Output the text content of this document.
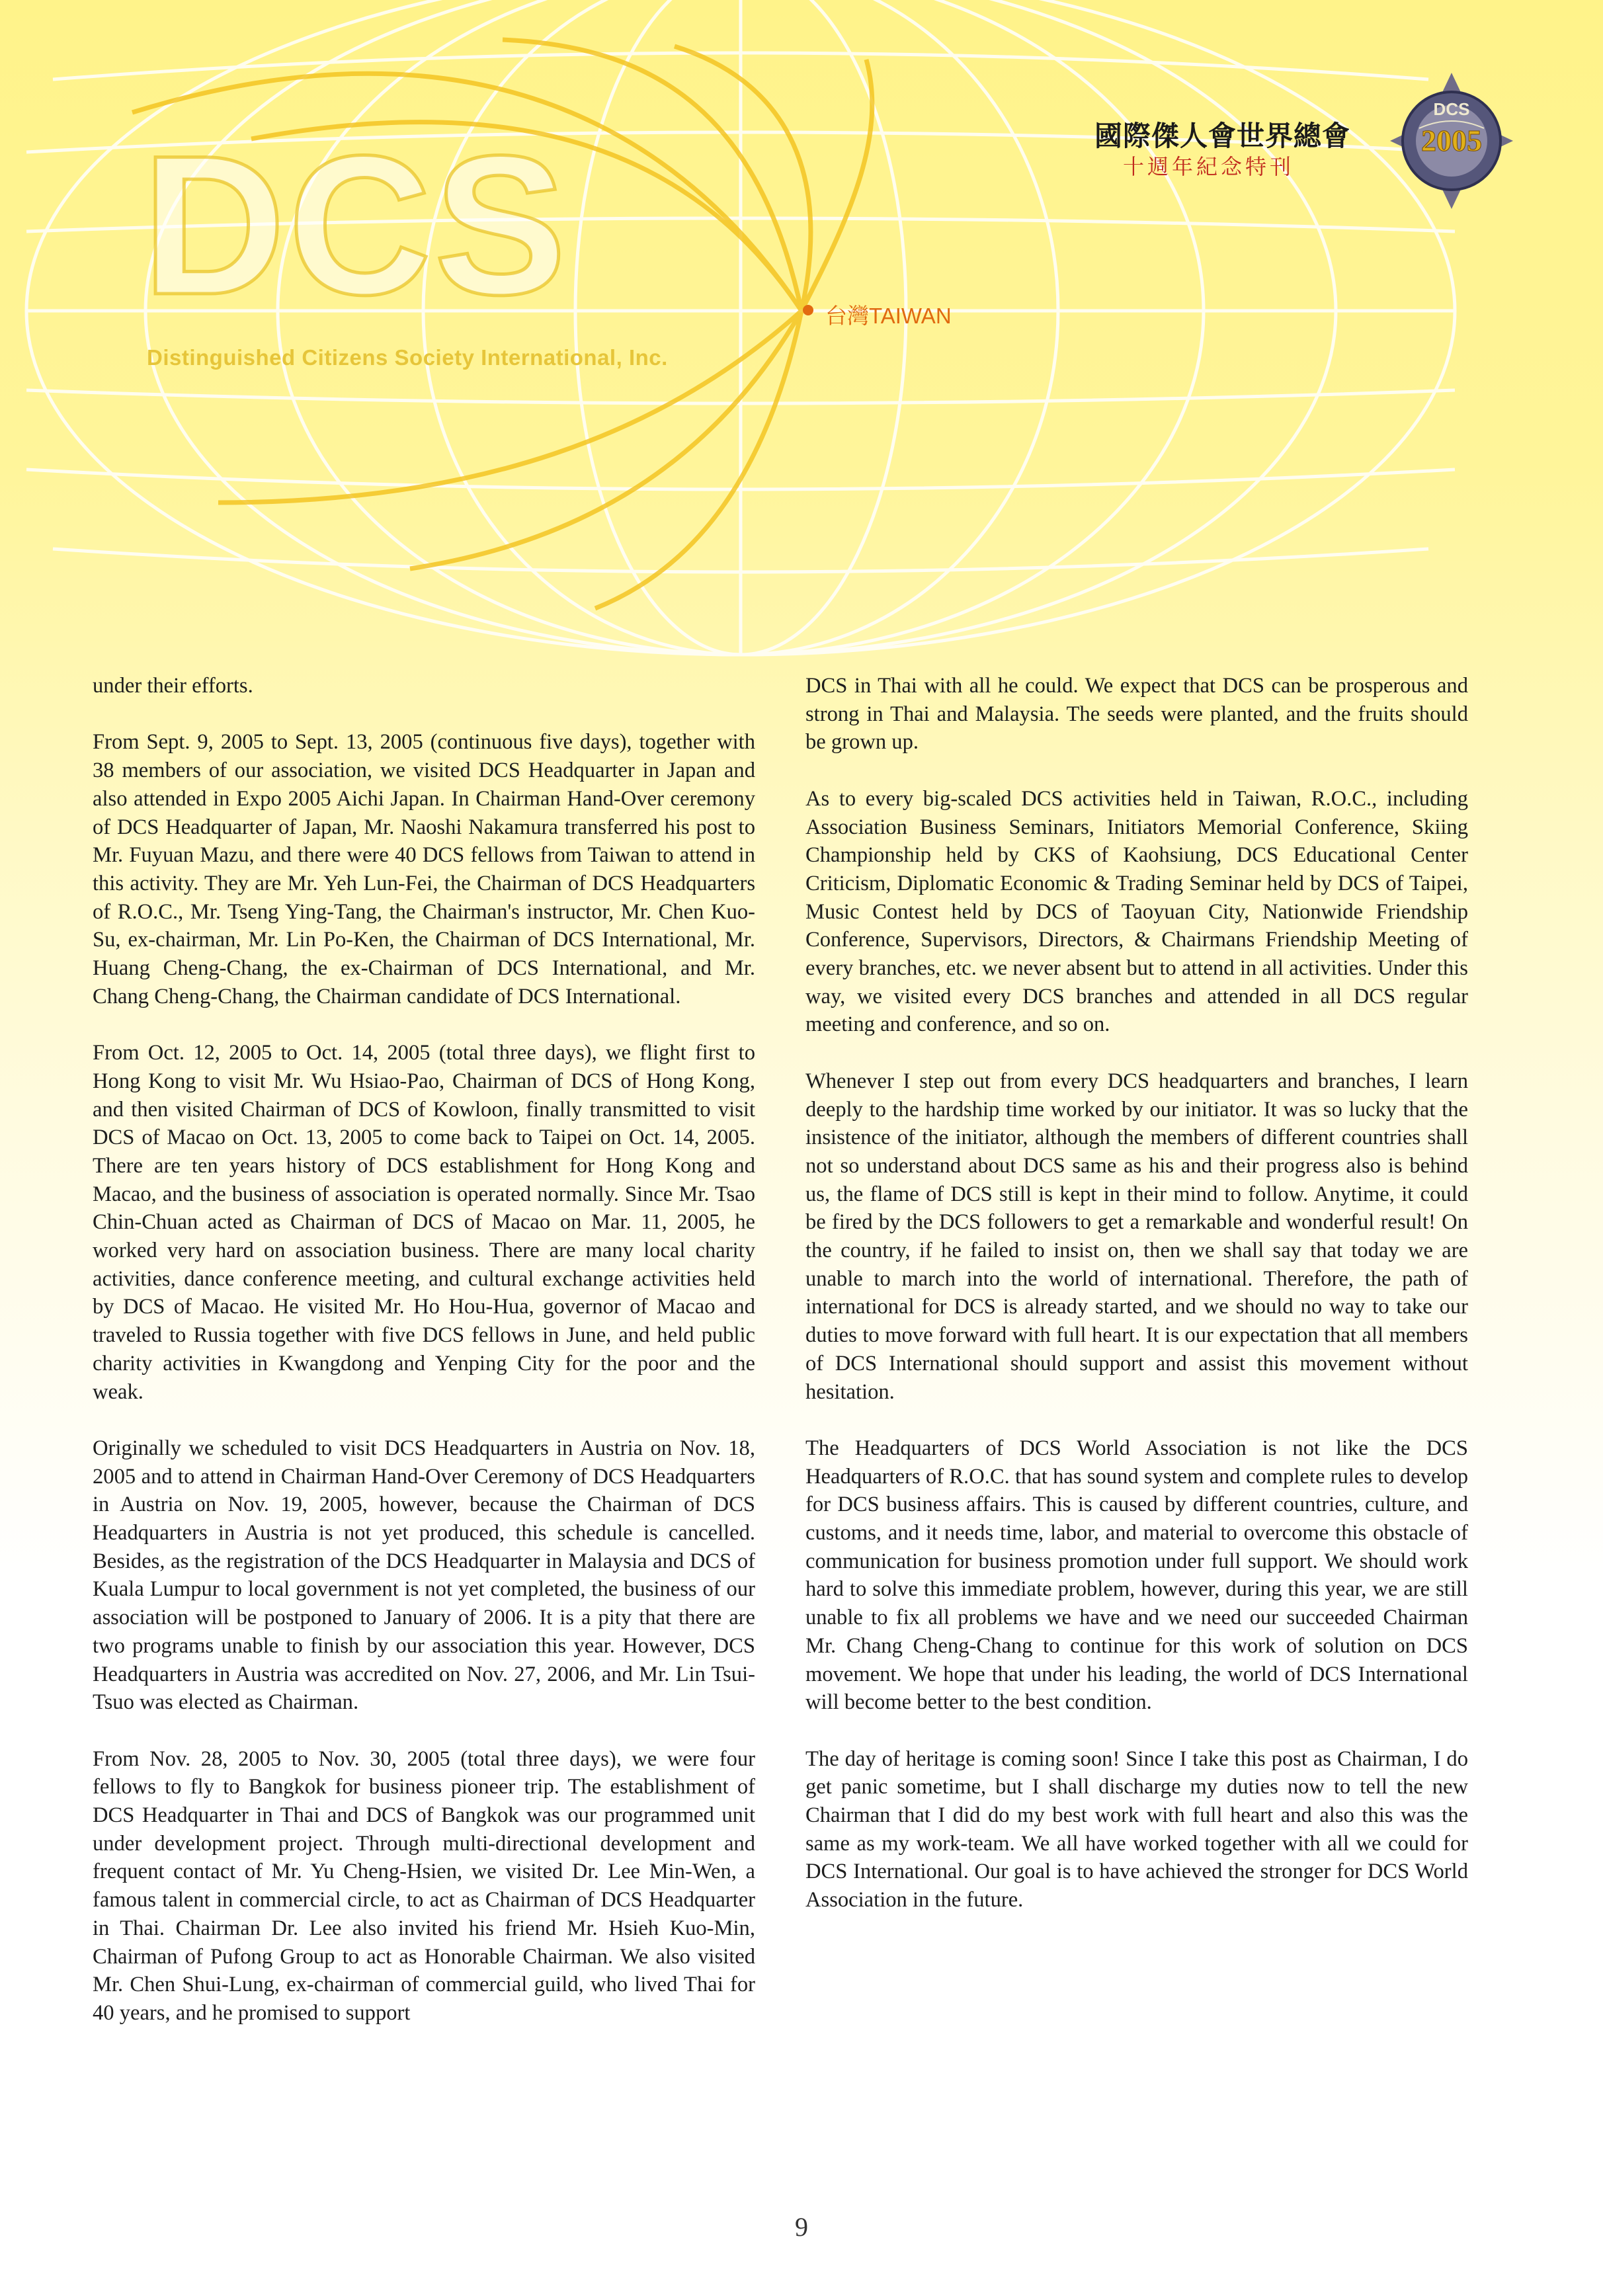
DCS
Distinguished Citizens Society International, Inc.
台灣TAIWAN
國際傑人會世界總會
十週年紀念特刊
DCS
2005

under their efforts.

From Sept. 9, 2005 to Sept. 13, 2005 (continuous five days), together with 38 members of our association, we visited DCS Headquarter in Japan and also attended in Expo 2005 Aichi Japan. In Chairman Hand-Over ceremony of DCS Headquarter of Japan, Mr. Naoshi Nakamura transferred his post to Mr. Fuyuan Mazu, and there were 40 DCS fellows from Taiwan to attend in this activity. They are Mr. Yeh Lun-Fei, the Chairman of DCS Headquarters of R.O.C., Mr. Tseng Ying-Tang, the Chairman's instructor, Mr. Chen Kuo-Su, ex-chairman, Mr. Lin Po-Ken, the Chairman of DCS International, Mr. Huang Cheng-Chang, the ex-Chairman of DCS International, and Mr. Chang Cheng-Chang, the Chairman candidate of DCS International.

From Oct. 12, 2005 to Oct. 14, 2005 (total three days), we flight first to Hong Kong to visit Mr. Wu Hsiao-Pao, Chairman of DCS of Hong Kong, and then visited Chairman of DCS of Kowloon, finally transmitted to visit DCS of Macao on Oct. 13, 2005 to come back to Taipei on Oct. 14, 2005. There are ten years history of DCS establishment for Hong Kong and Macao, and the business of association is operated normally. Since Mr. Tsao Chin-Chuan acted as Chairman of DCS of Macao on Mar. 11, 2005, he worked very hard on association business. There are many local charity activities, dance conference meeting, and cultural exchange activities held by DCS of Macao. He visited Mr. Ho Hou-Hua, governor of Macao and traveled to Russia together with five DCS fellows in June, and held public charity activities in Kwangdong and Yenping City for the poor and the weak.

Originally we scheduled to visit DCS Headquarters in Austria on Nov. 18, 2005 and to attend in Chairman Hand-Over Ceremony of DCS Headquarters in Austria on Nov. 19, 2005, however, because the Chairman of DCS Headquarters in Austria is not yet produced, this schedule is cancelled. Besides, as the registration of the DCS Headquarter in Malaysia and DCS of Kuala Lumpur to local government is not yet completed, the business of our association will be postponed to January of 2006. It is a pity that there are two programs unable to finish by our association this year. However, DCS Headquarters in Austria was accredited on Nov. 27, 2006, and Mr. Lin Tsui-Tsuo was elected as Chairman.

From Nov. 28, 2005 to Nov. 30, 2005 (total three days), we were four fellows to fly to Bangkok for business pioneer trip. The establishment of DCS Headquarter in Thai and DCS of Bangkok was our programmed unit under development project. Through multi-directional development and frequent contact of Mr. Yu Cheng-Hsien, we visited Dr. Lee Min-Wen, a famous talent in commercial circle, to act as Chairman of DCS Headquarter in Thai. Chairman Dr. Lee also invited his friend Mr. Hsieh Kuo-Min, Chairman of Pufong Group to act as Honorable Chairman. We also visited Mr. Chen Shui-Lung, ex-chairman of commercial guild, who lived Thai for 40 years, and he promised to support

DCS in Thai with all he could. We expect that DCS can be prosperous and strong in Thai and Malaysia. The seeds were planted, and the fruits should be grown up.

As to every big-scaled DCS activities held in Taiwan, R.O.C., including Association Business Seminars, Initiators Memorial Conference, Skiing Championship held by CKS of Kaohsiung, DCS Educational Center Criticism, Diplomatic Economic & Trading Seminar held by DCS of Taipei, Music Contest held by DCS of Taoyuan City, Nationwide Friendship Conference, Supervisors, Directors, & Chairmans Friendship Meeting of every branches, etc. we never absent but to attend in all activities. Under this way, we visited every DCS branches and attended in all DCS regular meeting and conference, and so on.

Whenever I step out from every DCS headquarters and branches, I learn deeply to the hardship time worked by our initiator. It was so lucky that the insistence of the initiator, although the members of different countries shall not so understand about DCS same as his and their progress also is behind us, the flame of DCS still is kept in their mind to follow. Anytime, it could be fired by the DCS followers to get a remarkable and wonderful result! On the country, if he failed to insist on, then we shall say that today we are unable to march into the world of international. Therefore, the path of international for DCS is already started, and we should no way to take our duties to move forward with full heart. It is our expectation that all members of DCS International should support and assist this movement without hesitation.

The Headquarters of DCS World Association is not like the DCS Headquarters of R.O.C. that has sound system and complete rules to develop for DCS business affairs. This is caused by different countries, culture, and customs, and it needs time, labor, and material to overcome this obstacle of communication for business promotion under full support. We should work hard to solve this immediate problem, however, during this year, we are still unable to fix all problems we have and we need our succeeded Chairman Mr. Chang Cheng-Chang to continue for this work of solution on DCS movement. We hope that under his leading, the world of DCS International will become better to the best condition.

The day of heritage is coming soon! Since I take this post as Chairman, I do get panic sometime, but I shall discharge my duties now to tell the new Chairman that I did do my best work with full heart and also this was the same as my work-team. We all have worked together with all we could for DCS International. Our goal is to have achieved the stronger for DCS World Association in the future.

9
